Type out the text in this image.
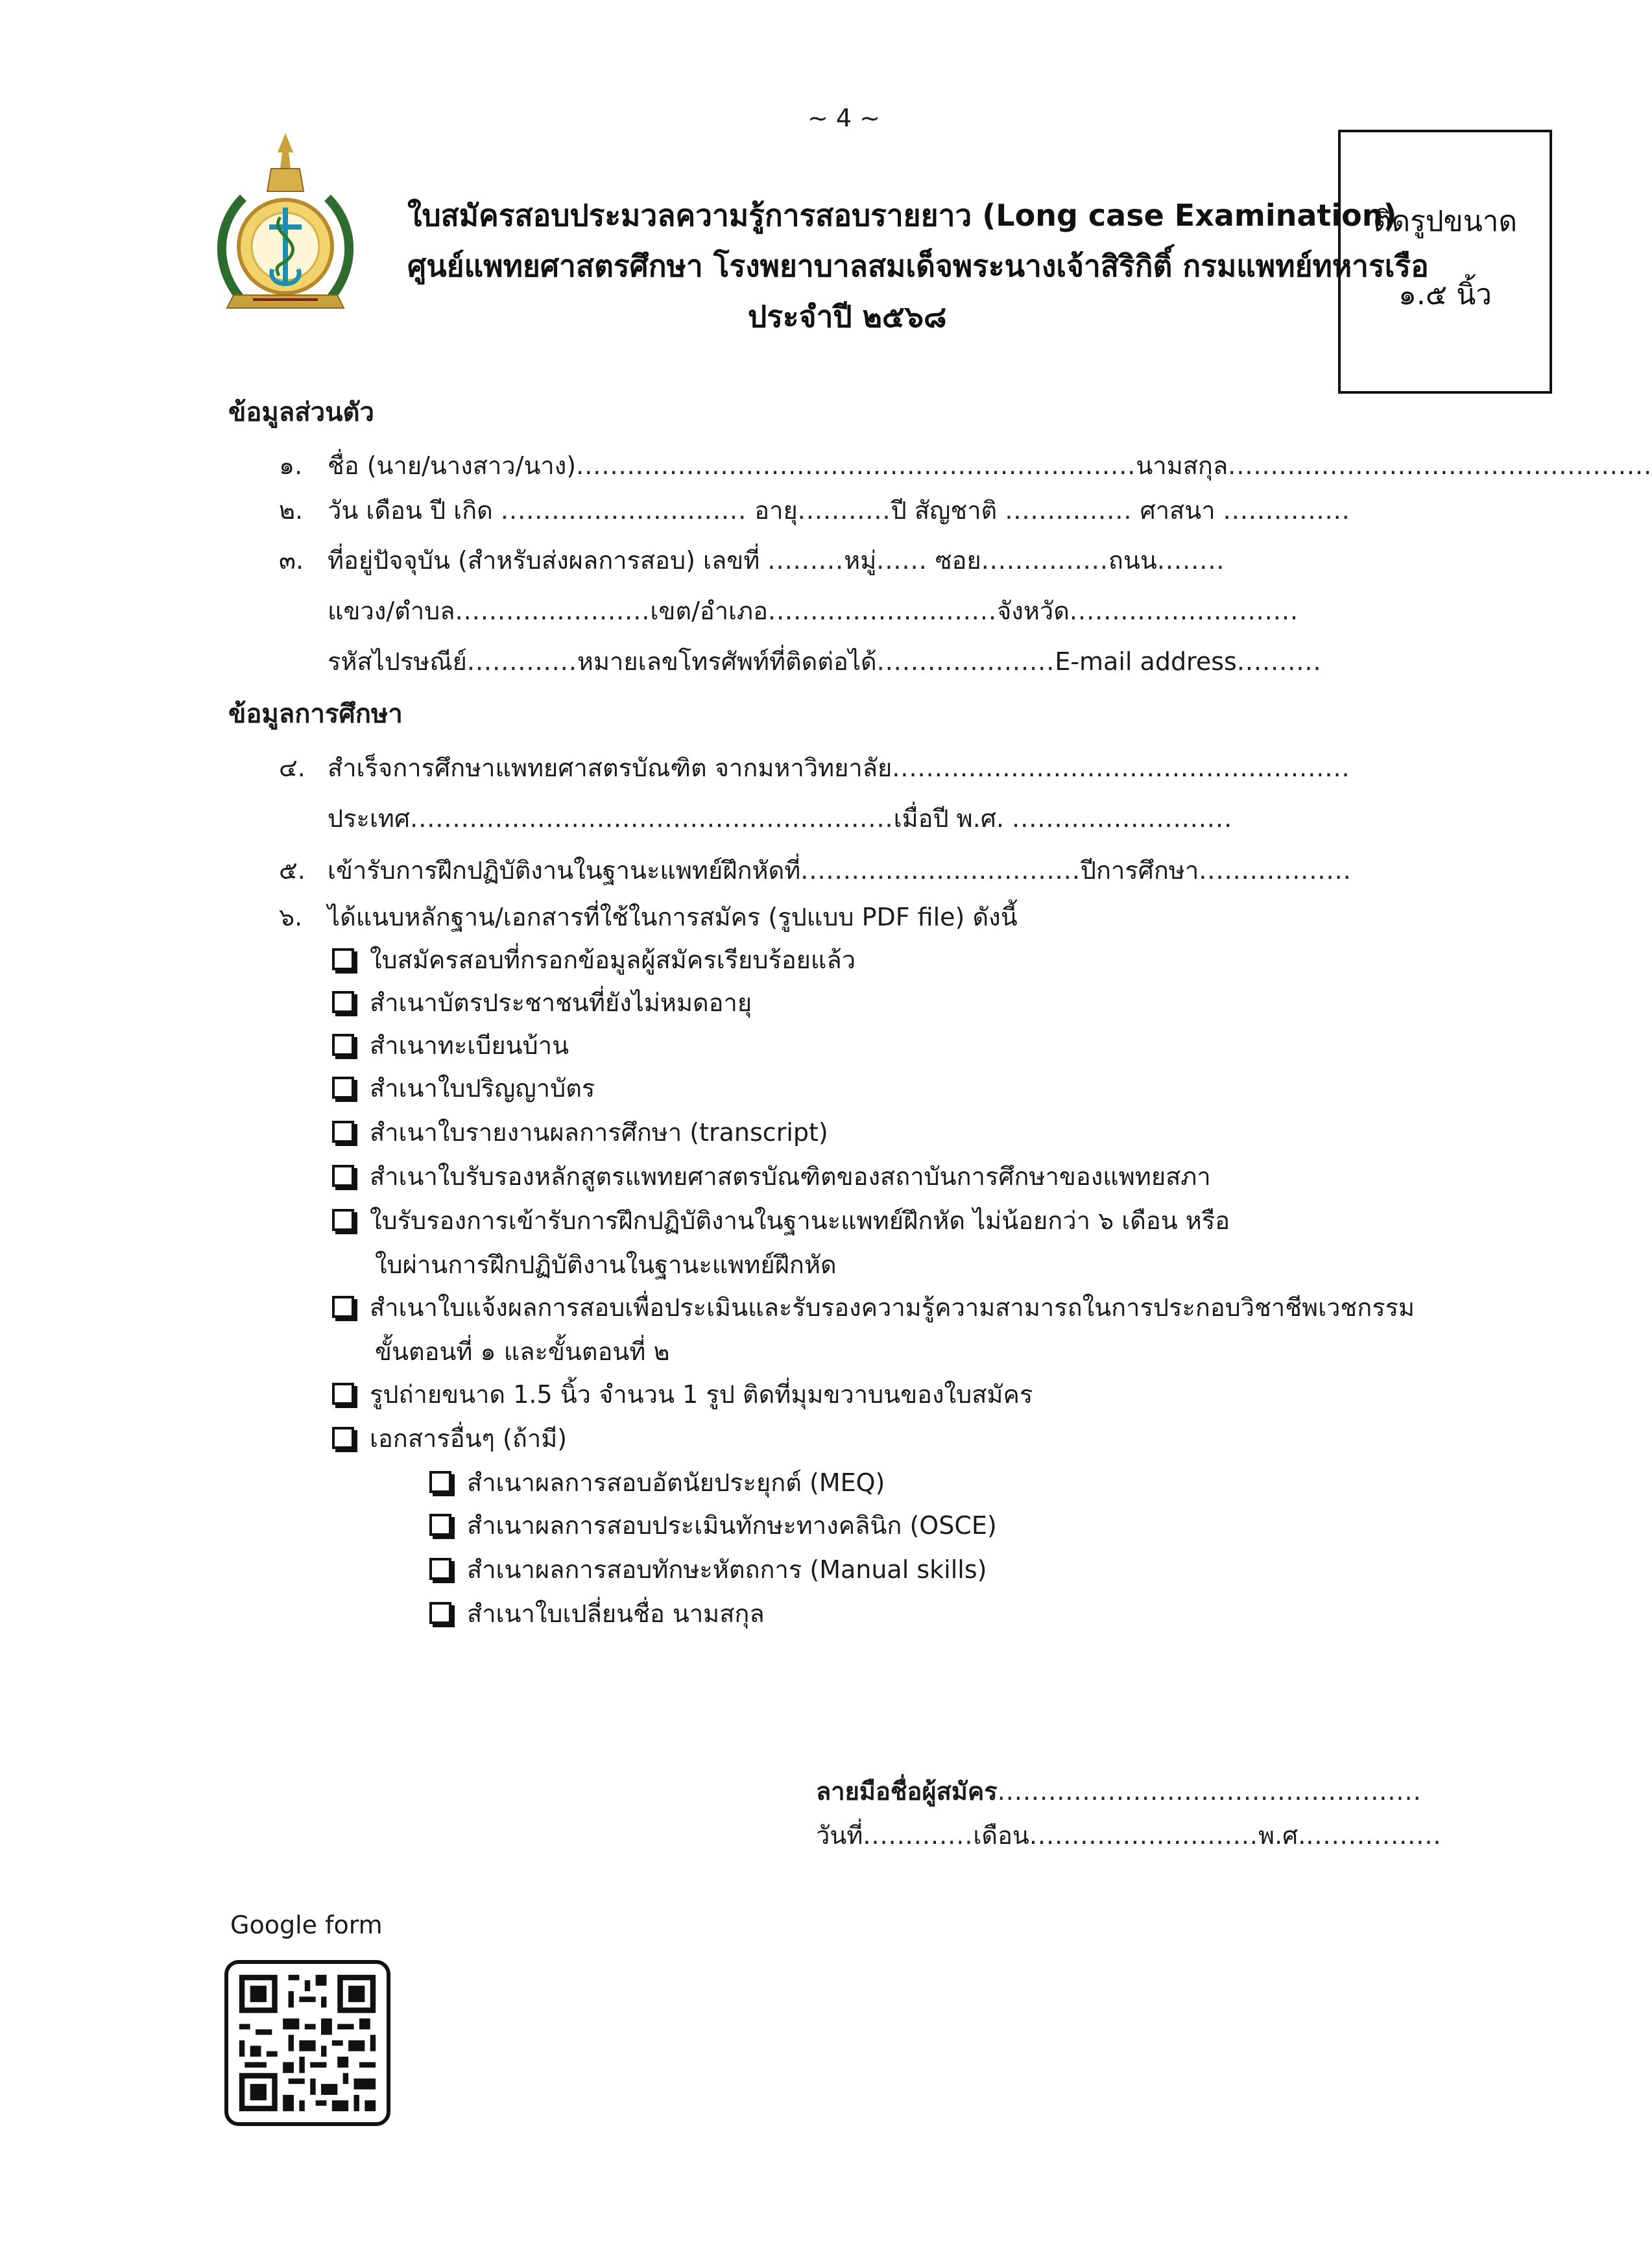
~ 4 ~
ใบสมัครสอบประมวลความรู้การสอบรายยาว (Long case Examination)
ศูนย์แพทยศาสตรศึกษา โรงพยาบาลสมเด็จพระนางเจ้าสิริกิติ์ กรมแพทย์ทหารเรือ
ประจำปี ๒๕๖๘
ติดรูปขนาด
๑.๕ นิ้ว
ข้อมูลส่วนตัว
๑. ชื่อ (นาย/นางสาว/นาง)..................................................................นามสกุล..................................................
๒. วัน เดือน ปี เกิด ............................. อายุ...........ปี สัญชาติ ............... ศาสนา ...............
๓. ที่อยู่ปัจจุบัน (สำหรับส่งผลการสอบ) เลขที่ .........หมู่...... ซอย...............ถนน........
แขวง/ตำบล.......................เขต/อำเภอ...........................จังหวัด...........................
รหัสไปรษณีย์.............หมายเลขโทรศัพท์ที่ติดต่อได้.....................E-mail address..........
ข้อมูลการศึกษา
๔. สำเร็จการศึกษาแพทยศาสตรบัณฑิต จากมหาวิทยาลัย......................................................
ประเทศ.........................................................เมื่อปี พ.ศ. ..........................
๕. เข้ารับการฝึกปฏิบัติงานในฐานะแพทย์ฝึกหัดที่.................................ปีการศึกษา..................
๖. ได้แนบหลักฐาน/เอกสารที่ใช้ในการสมัคร (รูปแบบ PDF file) ดังนี้
ใบสมัครสอบที่กรอกข้อมูลผู้สมัครเรียบร้อยแล้ว
สำเนาบัตรประชาชนที่ยังไม่หมดอายุ
สำเนาทะเบียนบ้าน
สำเนาใบปริญญาบัตร
สำเนาใบรายงานผลการศึกษา (transcript)
สำเนาใบรับรองหลักสูตรแพทยศาสตรบัณฑิตของสถาบันการศึกษาของแพทยสภา
ใบรับรองการเข้ารับการฝึกปฏิบัติงานในฐานะแพทย์ฝึกหัด ไม่น้อยกว่า ๖ เดือน หรือ
ใบผ่านการฝึกปฏิบัติงานในฐานะแพทย์ฝึกหัด
สำเนาใบแจ้งผลการสอบเพื่อประเมินและรับรองความรู้ความสามารถในการประกอบวิชาชีพเวชกรรม
ขั้นตอนที่ ๑ และขั้นตอนที่ ๒
รูปถ่ายขนาด 1.5 นิ้ว จำนวน 1 รูป ติดที่มุมขวาบนของใบสมัคร
เอกสารอื่นๆ (ถ้ามี)
สำเนาผลการสอบอัตนัยประยุกต์ (MEQ)
สำเนาผลการสอบประเมินทักษะทางคลินิก (OSCE)
สำเนาผลการสอบทักษะหัตถการ (Manual skills)
สำเนาใบเปลี่ยนชื่อ นามสกุล
ลายมือชื่อผู้สมัคร..................................................
วันที่.............เดือน...........................พ.ศ.................
Google form
